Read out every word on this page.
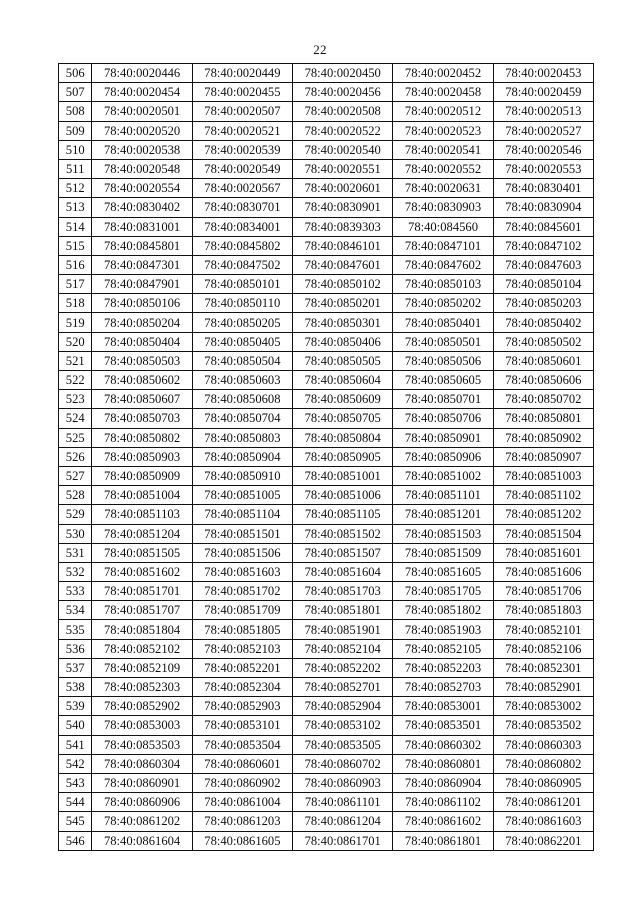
22
506	78:40:0020446	78:40:0020449	78:40:0020450	78:40:0020452	78:40:0020453
507	78:40:0020454	78:40:0020455	78:40:0020456	78:40:0020458	78:40:0020459
508	78:40:0020501	78:40:0020507	78:40:0020508	78:40:0020512	78:40:0020513
509	78:40:0020520	78:40:0020521	78:40:0020522	78:40:0020523	78:40:0020527
510	78:40:0020538	78:40:0020539	78:40:0020540	78:40:0020541	78:40:0020546
511	78:40:0020548	78:40:0020549	78:40:0020551	78:40:0020552	78:40:0020553
512	78:40:0020554	78:40:0020567	78:40:0020601	78:40:0020631	78:40:0830401
513	78:40:0830402	78:40:0830701	78:40:0830901	78:40:0830903	78:40:0830904
514	78:40:0831001	78:40:0834001	78:40:0839303	78:40:084560	78:40:0845601
515	78:40:0845801	78:40:0845802	78:40:0846101	78:40:0847101	78:40:0847102
516	78:40:0847301	78:40:0847502	78:40:0847601	78:40:0847602	78:40:0847603
517	78:40:0847901	78:40:0850101	78:40:0850102	78:40:0850103	78:40:0850104
518	78:40:0850106	78:40:0850110	78:40:0850201	78:40:0850202	78:40:0850203
519	78:40:0850204	78:40:0850205	78:40:0850301	78:40:0850401	78:40:0850402
520	78:40:0850404	78:40:0850405	78:40:0850406	78:40:0850501	78:40:0850502
521	78:40:0850503	78:40:0850504	78:40:0850505	78:40:0850506	78:40:0850601
522	78:40:0850602	78:40:0850603	78:40:0850604	78:40:0850605	78:40:0850606
523	78:40:0850607	78:40:0850608	78:40:0850609	78:40:0850701	78:40:0850702
524	78:40:0850703	78:40:0850704	78:40:0850705	78:40:0850706	78:40:0850801
525	78:40:0850802	78:40:0850803	78:40:0850804	78:40:0850901	78:40:0850902
526	78:40:0850903	78:40:0850904	78:40:0850905	78:40:0850906	78:40:0850907
527	78:40:0850909	78:40:0850910	78:40:0851001	78:40:0851002	78:40:0851003
528	78:40:0851004	78:40:0851005	78:40:0851006	78:40:0851101	78:40:0851102
529	78:40:0851103	78:40:0851104	78:40:0851105	78:40:0851201	78:40:0851202
530	78:40:0851204	78:40:0851501	78:40:0851502	78:40:0851503	78:40:0851504
531	78:40:0851505	78:40:0851506	78:40:0851507	78:40:0851509	78:40:0851601
532	78:40:0851602	78:40:0851603	78:40:0851604	78:40:0851605	78:40:0851606
533	78:40:0851701	78:40:0851702	78:40:0851703	78:40:0851705	78:40:0851706
534	78:40:0851707	78:40:0851709	78:40:0851801	78:40:0851802	78:40:0851803
535	78:40:0851804	78:40:0851805	78:40:0851901	78:40:0851903	78:40:0852101
536	78:40:0852102	78:40:0852103	78:40:0852104	78:40:0852105	78:40:0852106
537	78:40:0852109	78:40:0852201	78:40:0852202	78:40:0852203	78:40:0852301
538	78:40:0852303	78:40:0852304	78:40:0852701	78:40:0852703	78:40:0852901
539	78:40:0852902	78:40:0852903	78:40:0852904	78:40:0853001	78:40:0853002
540	78:40:0853003	78:40:0853101	78:40:0853102	78:40:0853501	78:40:0853502
541	78:40:0853503	78:40:0853504	78:40:0853505	78:40:0860302	78:40:0860303
542	78:40:0860304	78:40:0860601	78:40:0860702	78:40:0860801	78:40:0860802
543	78:40:0860901	78:40:0860902	78:40:0860903	78:40:0860904	78:40:0860905
544	78:40:0860906	78:40:0861004	78:40:0861101	78:40:0861102	78:40:0861201
545	78:40:0861202	78:40:0861203	78:40:0861204	78:40:0861602	78:40:0861603
546	78:40:0861604	78:40:0861605	78:40:0861701	78:40:0861801	78:40:0862201
